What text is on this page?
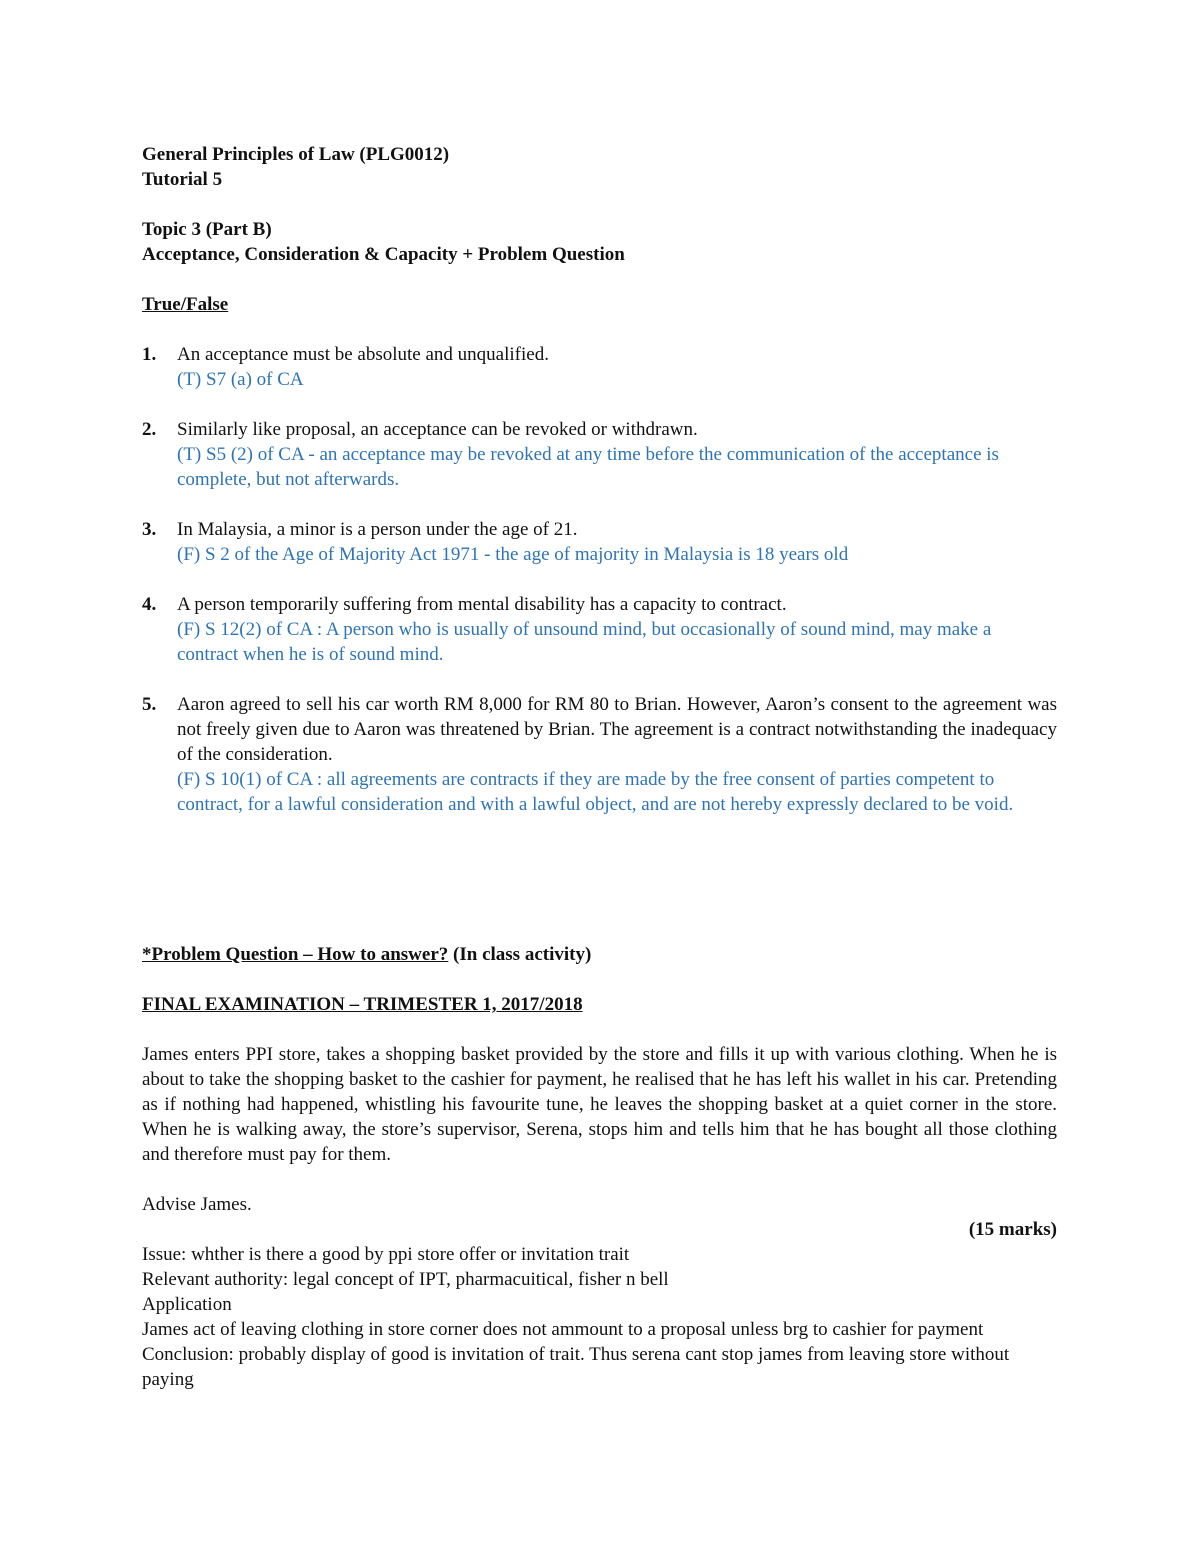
General Principles of Law (PLG0012)
Tutorial 5
Topic 3 (Part B)
Acceptance, Consideration & Capacity + Problem Question
True/False
1. An acceptance must be absolute and unqualified.
(T) S7 (a) of CA
2. Similarly like proposal, an acceptance can be revoked or withdrawn.
(T) S5 (2) of CA - an acceptance may be revoked at any time before the communication of the acceptance is complete, but not afterwards.
3. In Malaysia, a minor is a person under the age of 21.
(F) S 2 of the Age of Majority Act 1971 - the age of majority in Malaysia is 18 years old
4. A person temporarily suffering from mental disability has a capacity to contract.
(F) S 12(2) of CA : A person who is usually of unsound mind, but occasionally of sound mind, may make a contract when he is of sound mind.
5. Aaron agreed to sell his car worth RM 8,000 for RM 80 to Brian. However, Aaron’s consent to the agreement was not freely given due to Aaron was threatened by Brian. The agreement is a contract notwithstanding the inadequacy of the consideration.
(F) S 10(1) of CA : all agreements are contracts if they are made by the free consent of parties competent to contract, for a lawful consideration and with a lawful object, and are not hereby expressly declared to be void.
*Problem Question – How to answer? (In class activity)
FINAL EXAMINATION – TRIMESTER 1, 2017/2018
James enters PPI store, takes a shopping basket provided by the store and fills it up with various clothing. When he is about to take the shopping basket to the cashier for payment, he realised that he has left his wallet in his car. Pretending as if nothing had happened, whistling his favourite tune, he leaves the shopping basket at a quiet corner in the store. When he is walking away, the store’s supervisor, Serena, stops him and tells him that he has bought all those clothing and therefore must pay for them.
Advise James.
(15 marks)
Issue: whther is there a good by ppi store offer or invitation trait
Relevant authority: legal concept of IPT, pharmacuitical, fisher n bell
Application
James act of leaving clothing in store corner does not ammount to a proposal unless brg to cashier for payment
Conclusion: probably display of good is invitation of trait. Thus serena cant stop james from leaving store without paying
